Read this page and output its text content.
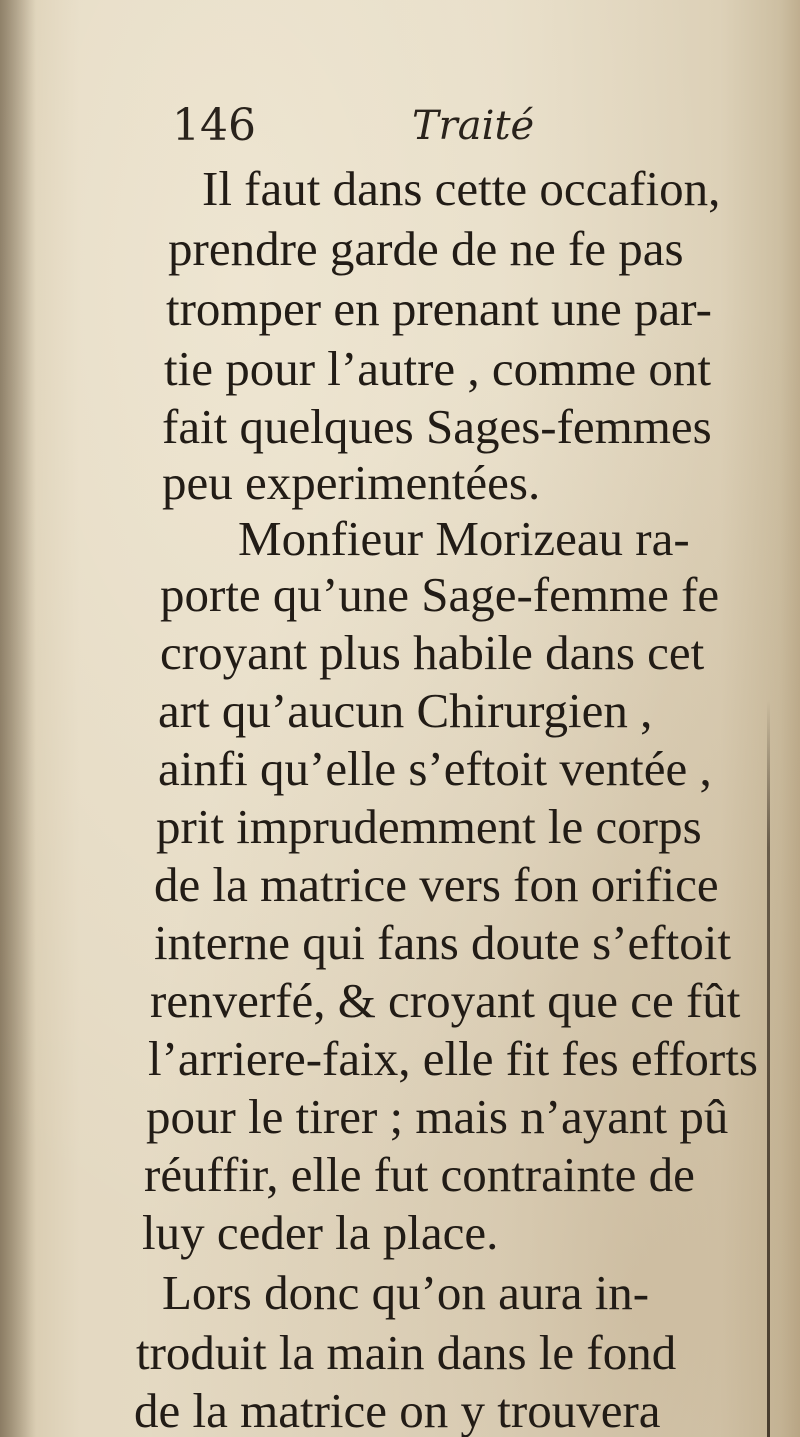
146	Traité
Il faut dans cette occafion,
prendre garde de ne fe pas
tromper en prenant une par-
tie pour l’autre , comme ont
fait quelques Sages-femmes
peu experimentées.
Monfieur Morizeau ra-
porte qu’une Sage-femme fe
croyant plus habile dans cet
art qu’aucun Chirurgien ,
ainfi qu’elle s’eftoit ventée ,
prit imprudemment le corps
de la matrice vers fon orifice
interne qui fans doute s’eftoit
renverfé, & croyant que ce fût
l’arriere-faix, elle fit fes efforts
pour le tirer ; mais n’ayant pû
réuffir, elle fut contrainte de
luy ceder la place.
Lors donc qu’on aura in-
troduit la main dans le fond
de la matrice on y trouvera
